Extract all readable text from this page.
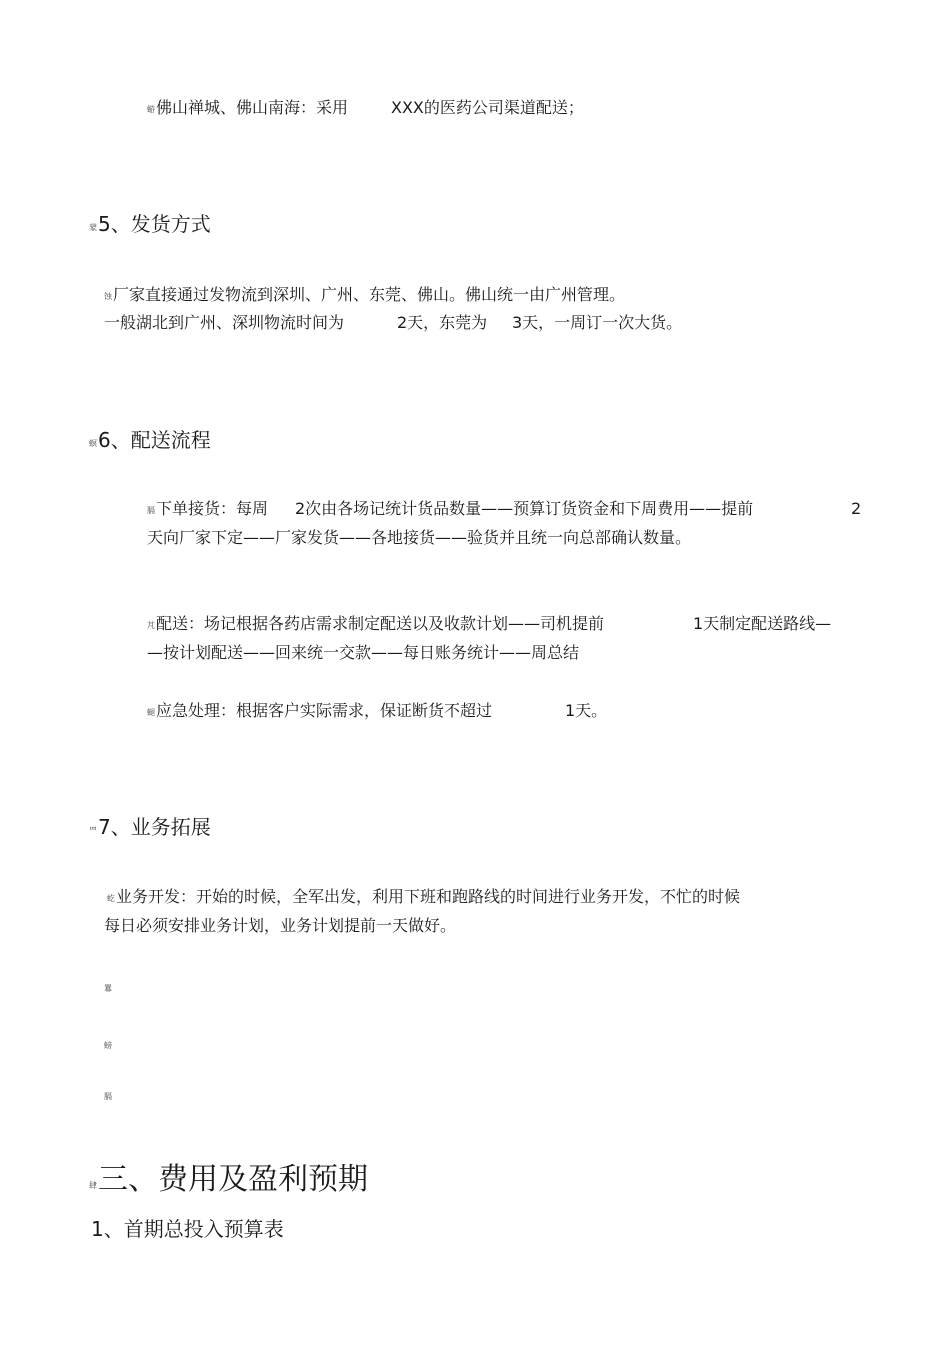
蝣佛山禅城、佛山南海：采用	XXX的医药公司渠道配送；
蒙5、发货方式
蚀厂家直接通过发物流到深圳、广州、东莞、佛山。佛山统一由广州管理。
一般湖北到广州、深圳物流时间为	2天，东莞为 3天，一周订一次大货。
螟6、配送流程
膈下单接货：每周 2次由各场记统计货品数量——预算订货资金和下周费用——提前	2
天向厂家下定——厂家发货——各地接货——验货并且统一向总部确认数量。
芃配送：场记根据各药店需求制定配送以及收款计划——司机提前	1天制定配送路线—
—按计划配送——回来统一交款——每日账务统计——周总结
螁应急处理：根据客户实际需求，保证断货不超过	1天。
罒7、业务拓展
虼业务开发：开始的时候，全军出发，利用下班和跑路线的时间进行业务开发，不忙的时候
每日必须安排业务计划，业务计划提前一天做好。
羃
螃
膈
肆三、费用及盈利预期
1、首期总投入预算表
